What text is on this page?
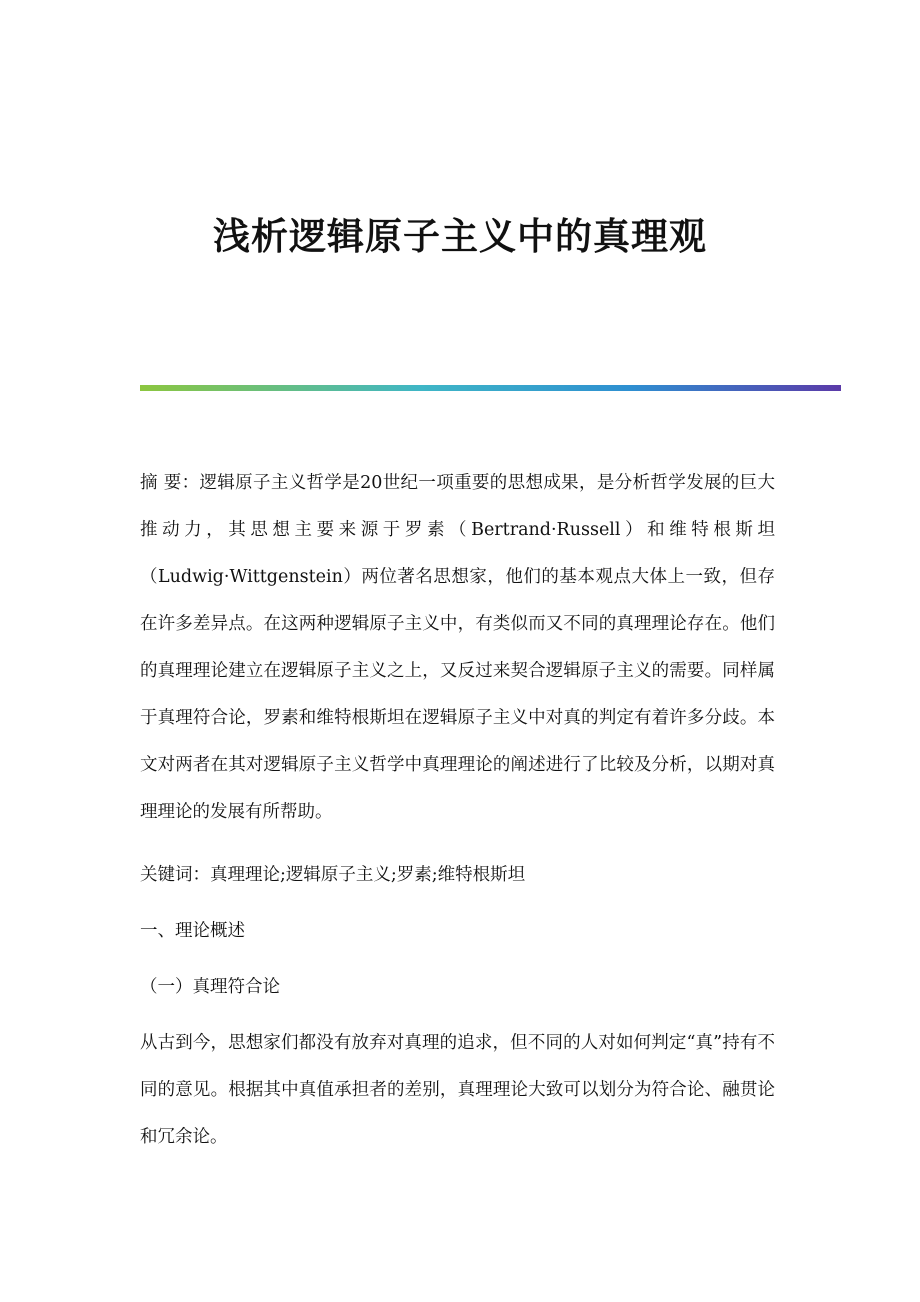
浅析逻辑原子主义中的真理观

摘 要：逻辑原子主义哲学是20世纪一项重要的思想成果，是分析哲学发展的巨大推动力，其思想主要来源于罗素（Bertrand·Russell）和维特根斯坦（Ludwig·Wittgenstein）两位著名思想家，他们的基本观点大体上一致，但存在许多差异点。在这两种逻辑原子主义中，有类似而又不同的真理理论存在。他们的真理理论建立在逻辑原子主义之上，又反过来契合逻辑原子主义的需要。同样属于真理符合论，罗素和维特根斯坦在逻辑原子主义中对真的判定有着许多分歧。本文对两者在其对逻辑原子主义哲学中真理理论的阐述进行了比较及分析，以期对真理理论的发展有所帮助。

关键词：真理理论;逻辑原子主义;罗素;维特根斯坦

一、理论概述

（一）真理符合论

从古到今，思想家们都没有放弃对真理的追求，但不同的人对如何判定“真”持有不同的意见。根据其中真值承担者的差别，真理理论大致可以划分为符合论、融贯论和冗余论。
